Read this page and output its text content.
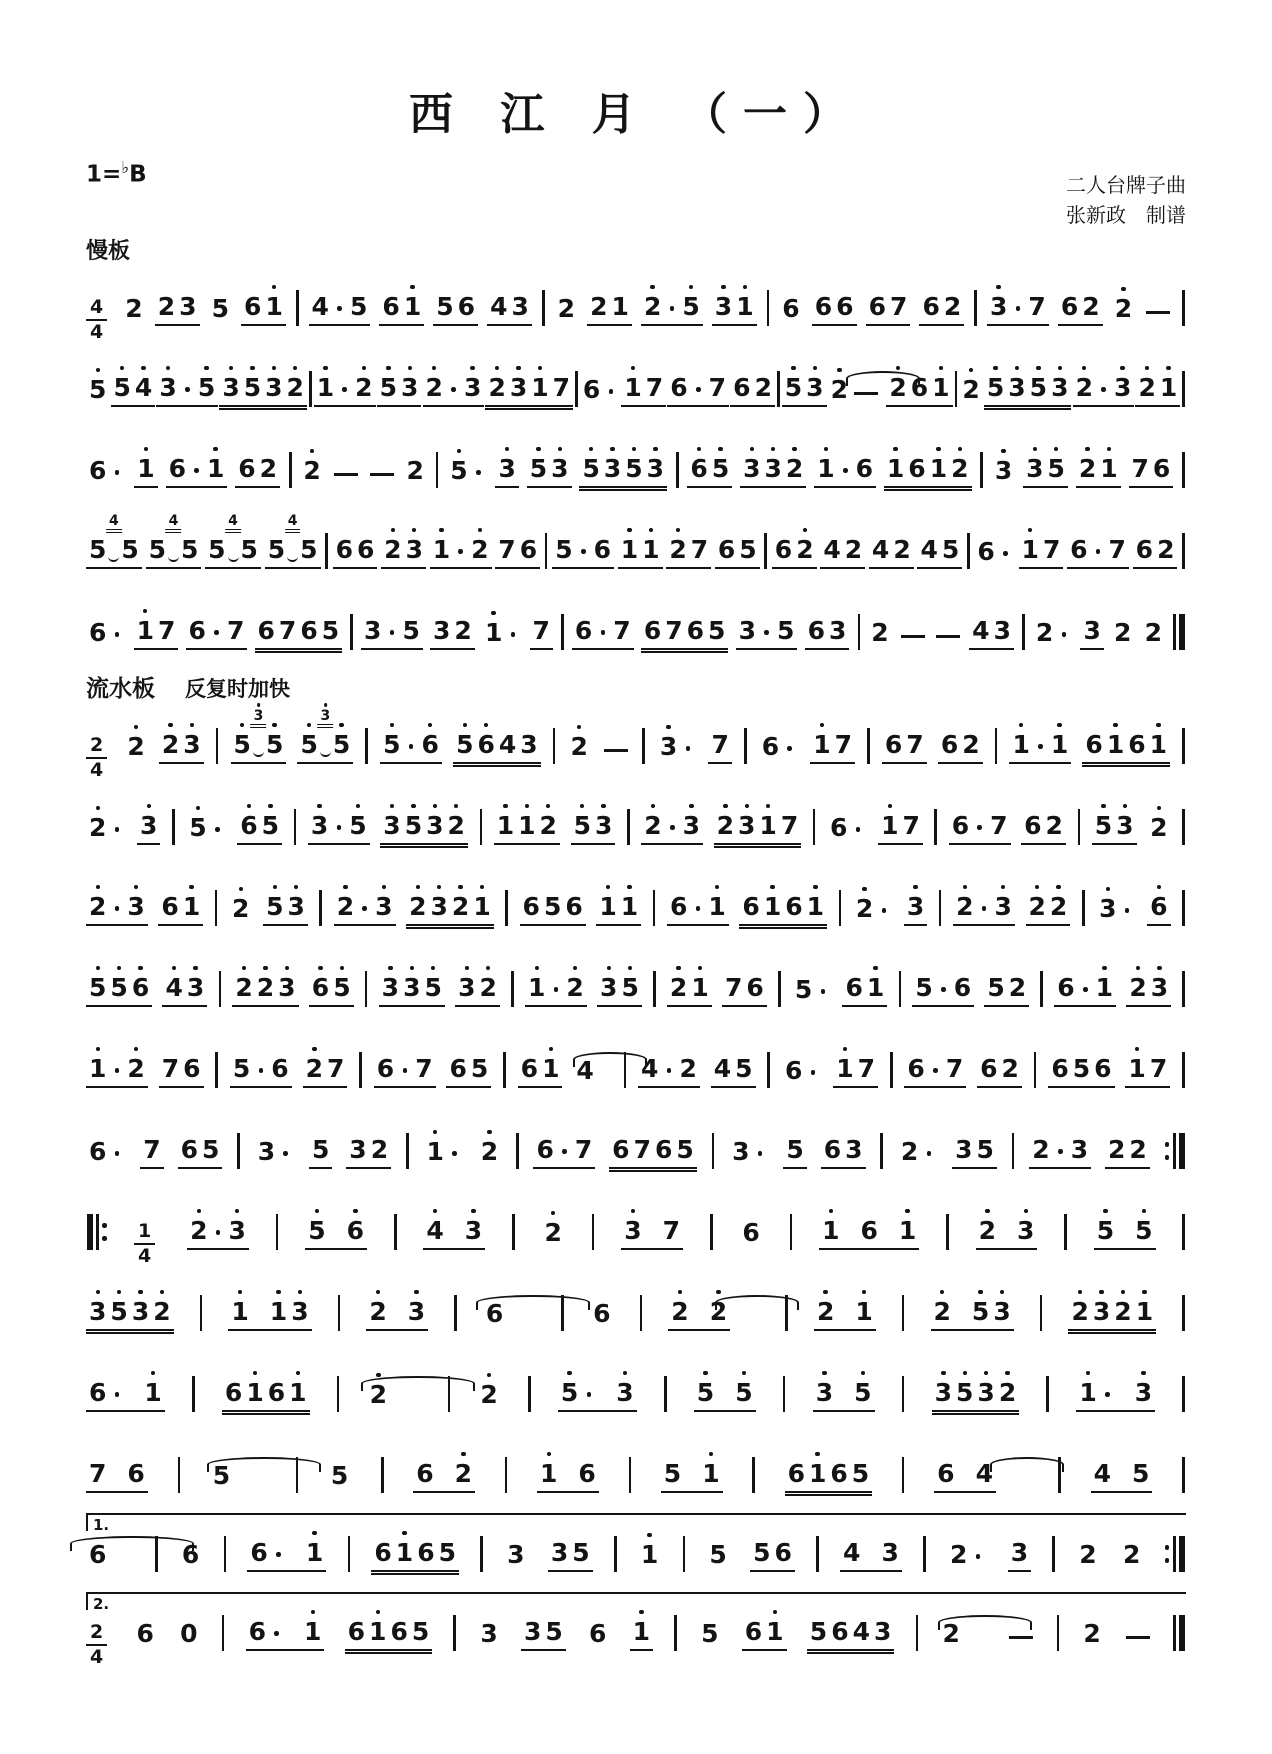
西 江 月 （一）
1=♭B	二人台牌子曲
张新政　制谱
慢板
$\frac{4}{4} 2$ 2 3 5 6 1 4 5 6 1 5 6 4 3 2 2 1 2 5 3 1 6 6 6 6 7 6 2 3 7 6 2 2
5 5 4 3 5 3 5 3 2 1 2 5 3 2 3 2 3 1 7 6 1 7 6 7 6 2 5 3 2 2 6 1 2 5 3 5 3 2 3 2 1
6 1 6 1 6 2 2	2 5 3 5 3 5 3 5 3 6 5 3 3 2 1 6 1 6 1 2 3 3 5 2 1 7 6
4
5 5
4
5 5
4
5 5
4
5 5 6 6 2 3 1 2 7 6 5 6 1 1 2 7 6 5 6 2 4 2 4 2 4 5 6 1 7 6 7 6 2
6 1 7 6 7 6 7 6 5 3 5 3 2 1 7 6 7 6 7 6 5 3 5 6 3 2	4 3 2 3 2 2
流水板 反复时加快
$\frac{2}{4} 2$ 2 3
3
5 5
3
5 5 5 6 5 6 4 3 2	3 7 6 1 7 6 7 6 2 1 1 6 1 6 1
2 3 5 6 5 3 5 3 5 3 2 1 1 2 5 3 2 3 2 3 1 7 6 1 7 6 7 6 2 5 3 2
2 3 6 1 2 5 3 2 3 2 3 2 1 6 5 6 1 1 6 1 6 1 6 1 2 3 2 3 2 2 3 6
5 5 6 4 3 2 2 3 6 5 3 3 5 3 2 1 2 3 5 2 1 7 6 5 6 1 5 6 5 2 6 1 2 3
1 2 7 6 5 6 2 7 6 7 6 5 6 1 4 4 2 4 5 6 1 7 6 7 6 2 6 5 6 1 7
6 7 6 5 3 5 3 2 1 2 6 7 6 7 6 5 3 5 6 3 2 3 5 2 3 2 2
$\frac{1}{4} 2$ 3 5 6 4 3 2 3 7 6 1 6 1 2 3 5 5
3 5 3 2 1 1 3 2 3 6	6 2 2	2 1 2 5 3 2 3 2 1
6 1	6 1 6 1	2	2	5 3	5 5	3 5	3 5 3 2	1 3
7 6	5	5	6 2	1 6	5 1	6 1 6 5	6 4	4 5
1.
6	6 6 1 6 1 6 5 3 3 5 1 5 5 6 4 3 2 3 2 2
2.
$\frac{2}{4} 6$ 0 6 1 6 1 6 5 3 3 5 6 1 5 6 1 5 6 4 3 2	2
